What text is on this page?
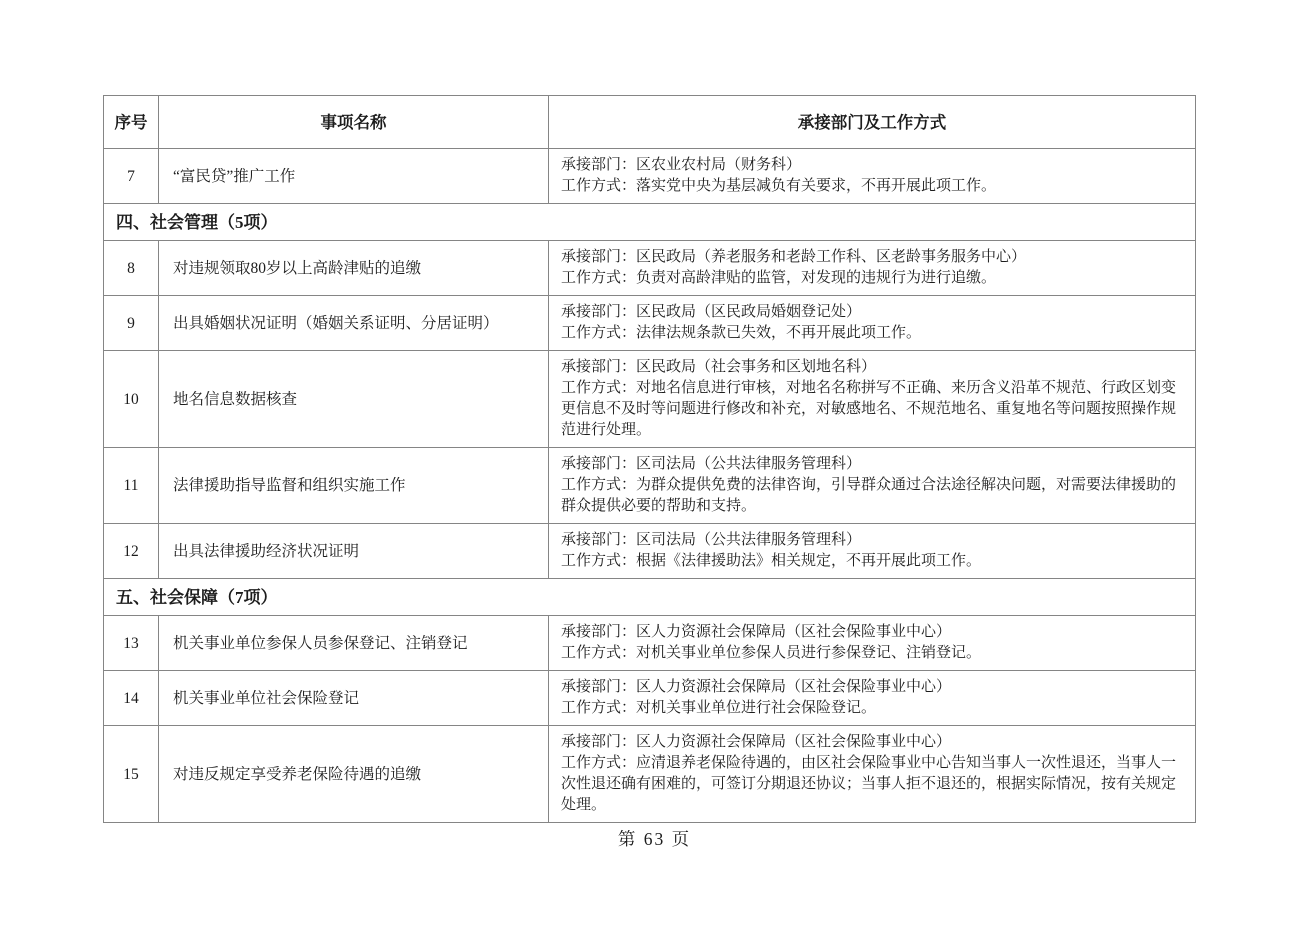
序号	事项名称	承接部门及工作方式
7	“富民贷”推广工作	承接部门：区农业农村局（财务科）
工作方式：落实党中央为基层减负有关要求，不再开展此项工作。

四、社会管理（5项）		
8	对违规领取80岁以上高龄津贴的追缴	承接部门：区民政局（养老服务和老龄工作科、区老龄事务服务中心）
工作方式：负责对高龄津贴的监管，对发现的违规行为进行追缴。

9	出具婚姻状况证明（婚姻关系证明、分居证明）	承接部门：区民政局（区民政局婚姻登记处）
工作方式：法律法规条款已失效，不再开展此项工作。

10	地名信息数据核查	承接部门：区民政局（社会事务和区划地名科）
工作方式：对地名信息进行审核，对地名名称拼写不正确、来历含义沿革不规范、行政区划变更信息不及时等问题进行修改和补充，对敏感地名、不规范地名、重复地名等问题按照操作规范进行处理。

11	法律援助指导监督和组织实施工作	承接部门：区司法局（公共法律服务管理科）
工作方式：为群众提供免费的法律咨询，引导群众通过合法途径解决问题，对需要法律援助的群众提供必要的帮助和支持。

12	出具法律援助经济状况证明	承接部门：区司法局（公共法律服务管理科）
工作方式：根据《法律援助法》相关规定，不再开展此项工作。

五、社会保障（7项）		
13	机关事业单位参保人员参保登记、注销登记	承接部门：区人力资源社会保障局（区社会保险事业中心）
工作方式：对机关事业单位参保人员进行参保登记、注销登记。

14	机关事业单位社会保险登记	承接部门：区人力资源社会保障局（区社会保险事业中心）
工作方式：对机关事业单位进行社会保险登记。

15	对违反规定享受养老保险待遇的追缴	承接部门：区人力资源社会保障局（区社会保险事业中心）
工作方式：应清退养老保险待遇的，由区社会保险事业中心告知当事人一次性退还，当事人一次性退还确有困难的，可签订分期退还协议；当事人拒不退还的，根据实际情况，按有关规定处理。
第 63 页
